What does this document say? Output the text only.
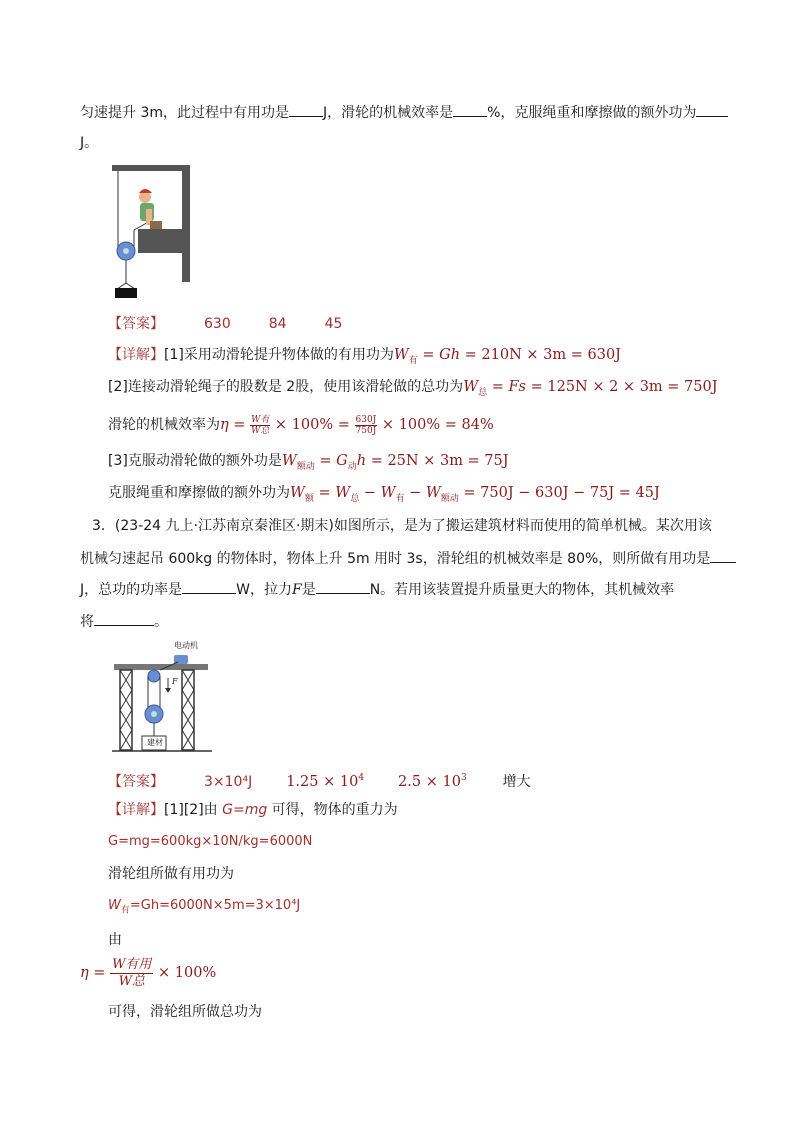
匀速提升 3m，此过程中有用功是 J，滑轮的机械效率是 %，克服绳重和摩擦做的额外功为
J。
【答案】	630	84	45
【详解】[1]采用动滑轮提升物体做的有用功为$W_有 = Gh = 210N \times 3m = 630J$
[2]连接动滑轮绳子的股数是 2股，使用该滑轮做的总功为$W_总 = Fs = 125N \times 2 \times 3m = 750J$
滑轮的机械效率为$\eta = \frac{\text{W有}}{\text{W总}} \times 100\% = \frac{630J}{750J} \times 100\% = 84\%$
[3]克服动滑轮做的额外功是$W_{额动} = G_动h = 25N \times 3m = 75J$
克服绳重和摩擦做的额外功为$W_额 = W_总 - W_有 - W_{额动} = 750J - 630J - 75J = 45J$
3．(23-24 九上·江苏南京秦淮区·期末)如图所示，是为了搬运建筑材料而使用的简单机械。某次用该
机械匀速起吊 600kg 的物体时，物体上升 5m 用时 3s，滑轮组的机械效率是 80%，则所做有用功是
J，总功的功率是	W，拉力F是	N。若用该装置提升质量更大的物体，其机械效率
将	。
电动机
F
建材
【答案】	3×10⁴J $1.25 \times 10^4$ $2.5 \times 10^3$	增大
【详解】[1][2]由 G=mg 可得，物体的重力为
G=mg=600kg×10N/kg=6000N
滑轮组所做有用功为
$W_有=Gh=6000N\times 5m=3\times 10^4J$
由
$\eta = \frac{\text{W有用}}{\text{W总}} \times 100\%$
可得，滑轮组所做总功为
